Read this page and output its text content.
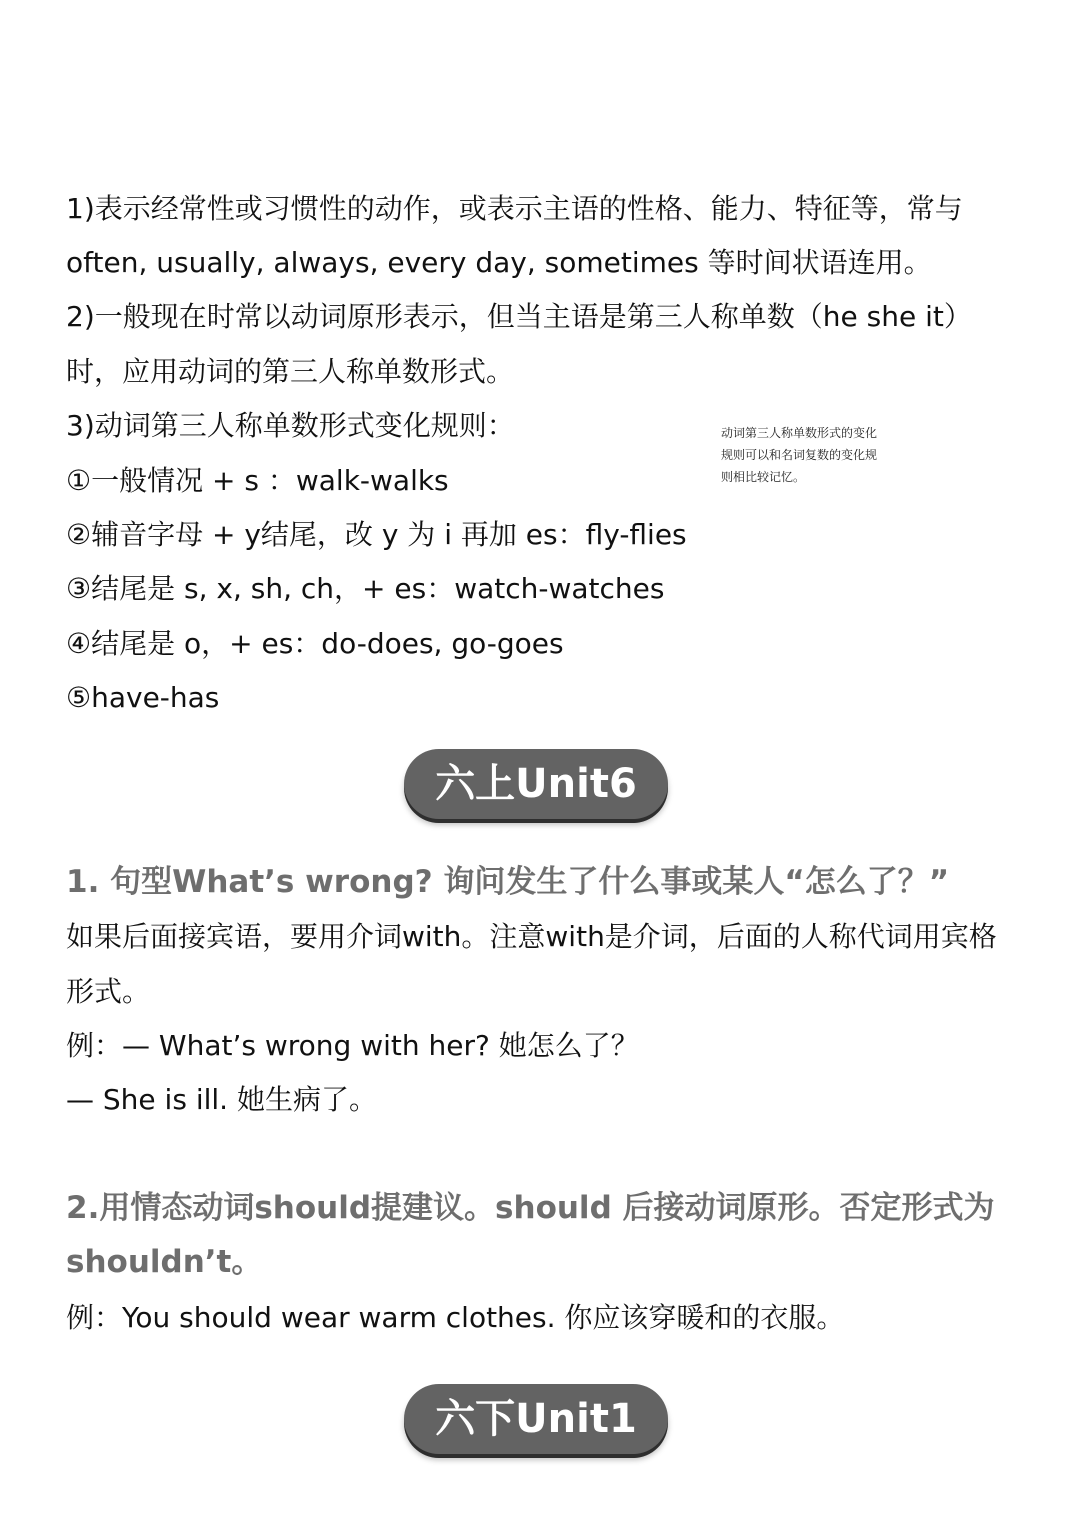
1)表示经常性或习惯性的动作，或表示主语的性格、能力、特征等，常与
often, usually, always, every day, sometimes 等时间状语连用。
2)一般现在时常以动词原形表示，但当主语是第三人称单数（he she it）
时，应用动词的第三人称单数形式。
3)动词第三人称单数形式变化规则：
①一般情况 + s ：walk-walks
②辅音字母 + y结尾，改 y 为 i 再加 es：fly-flies
③结尾是 s, x, sh, ch，+ es：watch-watches
④结尾是 o，+ es：do-does, go-goes
⑤have-has
动词第三人称单数形式的变化
规则可以和名词复数的变化规
则相比较记忆。
六上Unit6
1. 句型What’s wrong? 询问发生了什么事或某人“怎么了？”
如果后面接宾语，要用介词with。注意with是介词，后面的人称代词用宾格
形式。
例：— What’s wrong with her? 她怎么了？
— She is ill. 她生病了。
2.用情态动词should提建议。should 后接动词原形。否定形式为
shouldn’t。
例：You should wear warm clothes. 你应该穿暖和的衣服。
六下Unit1
